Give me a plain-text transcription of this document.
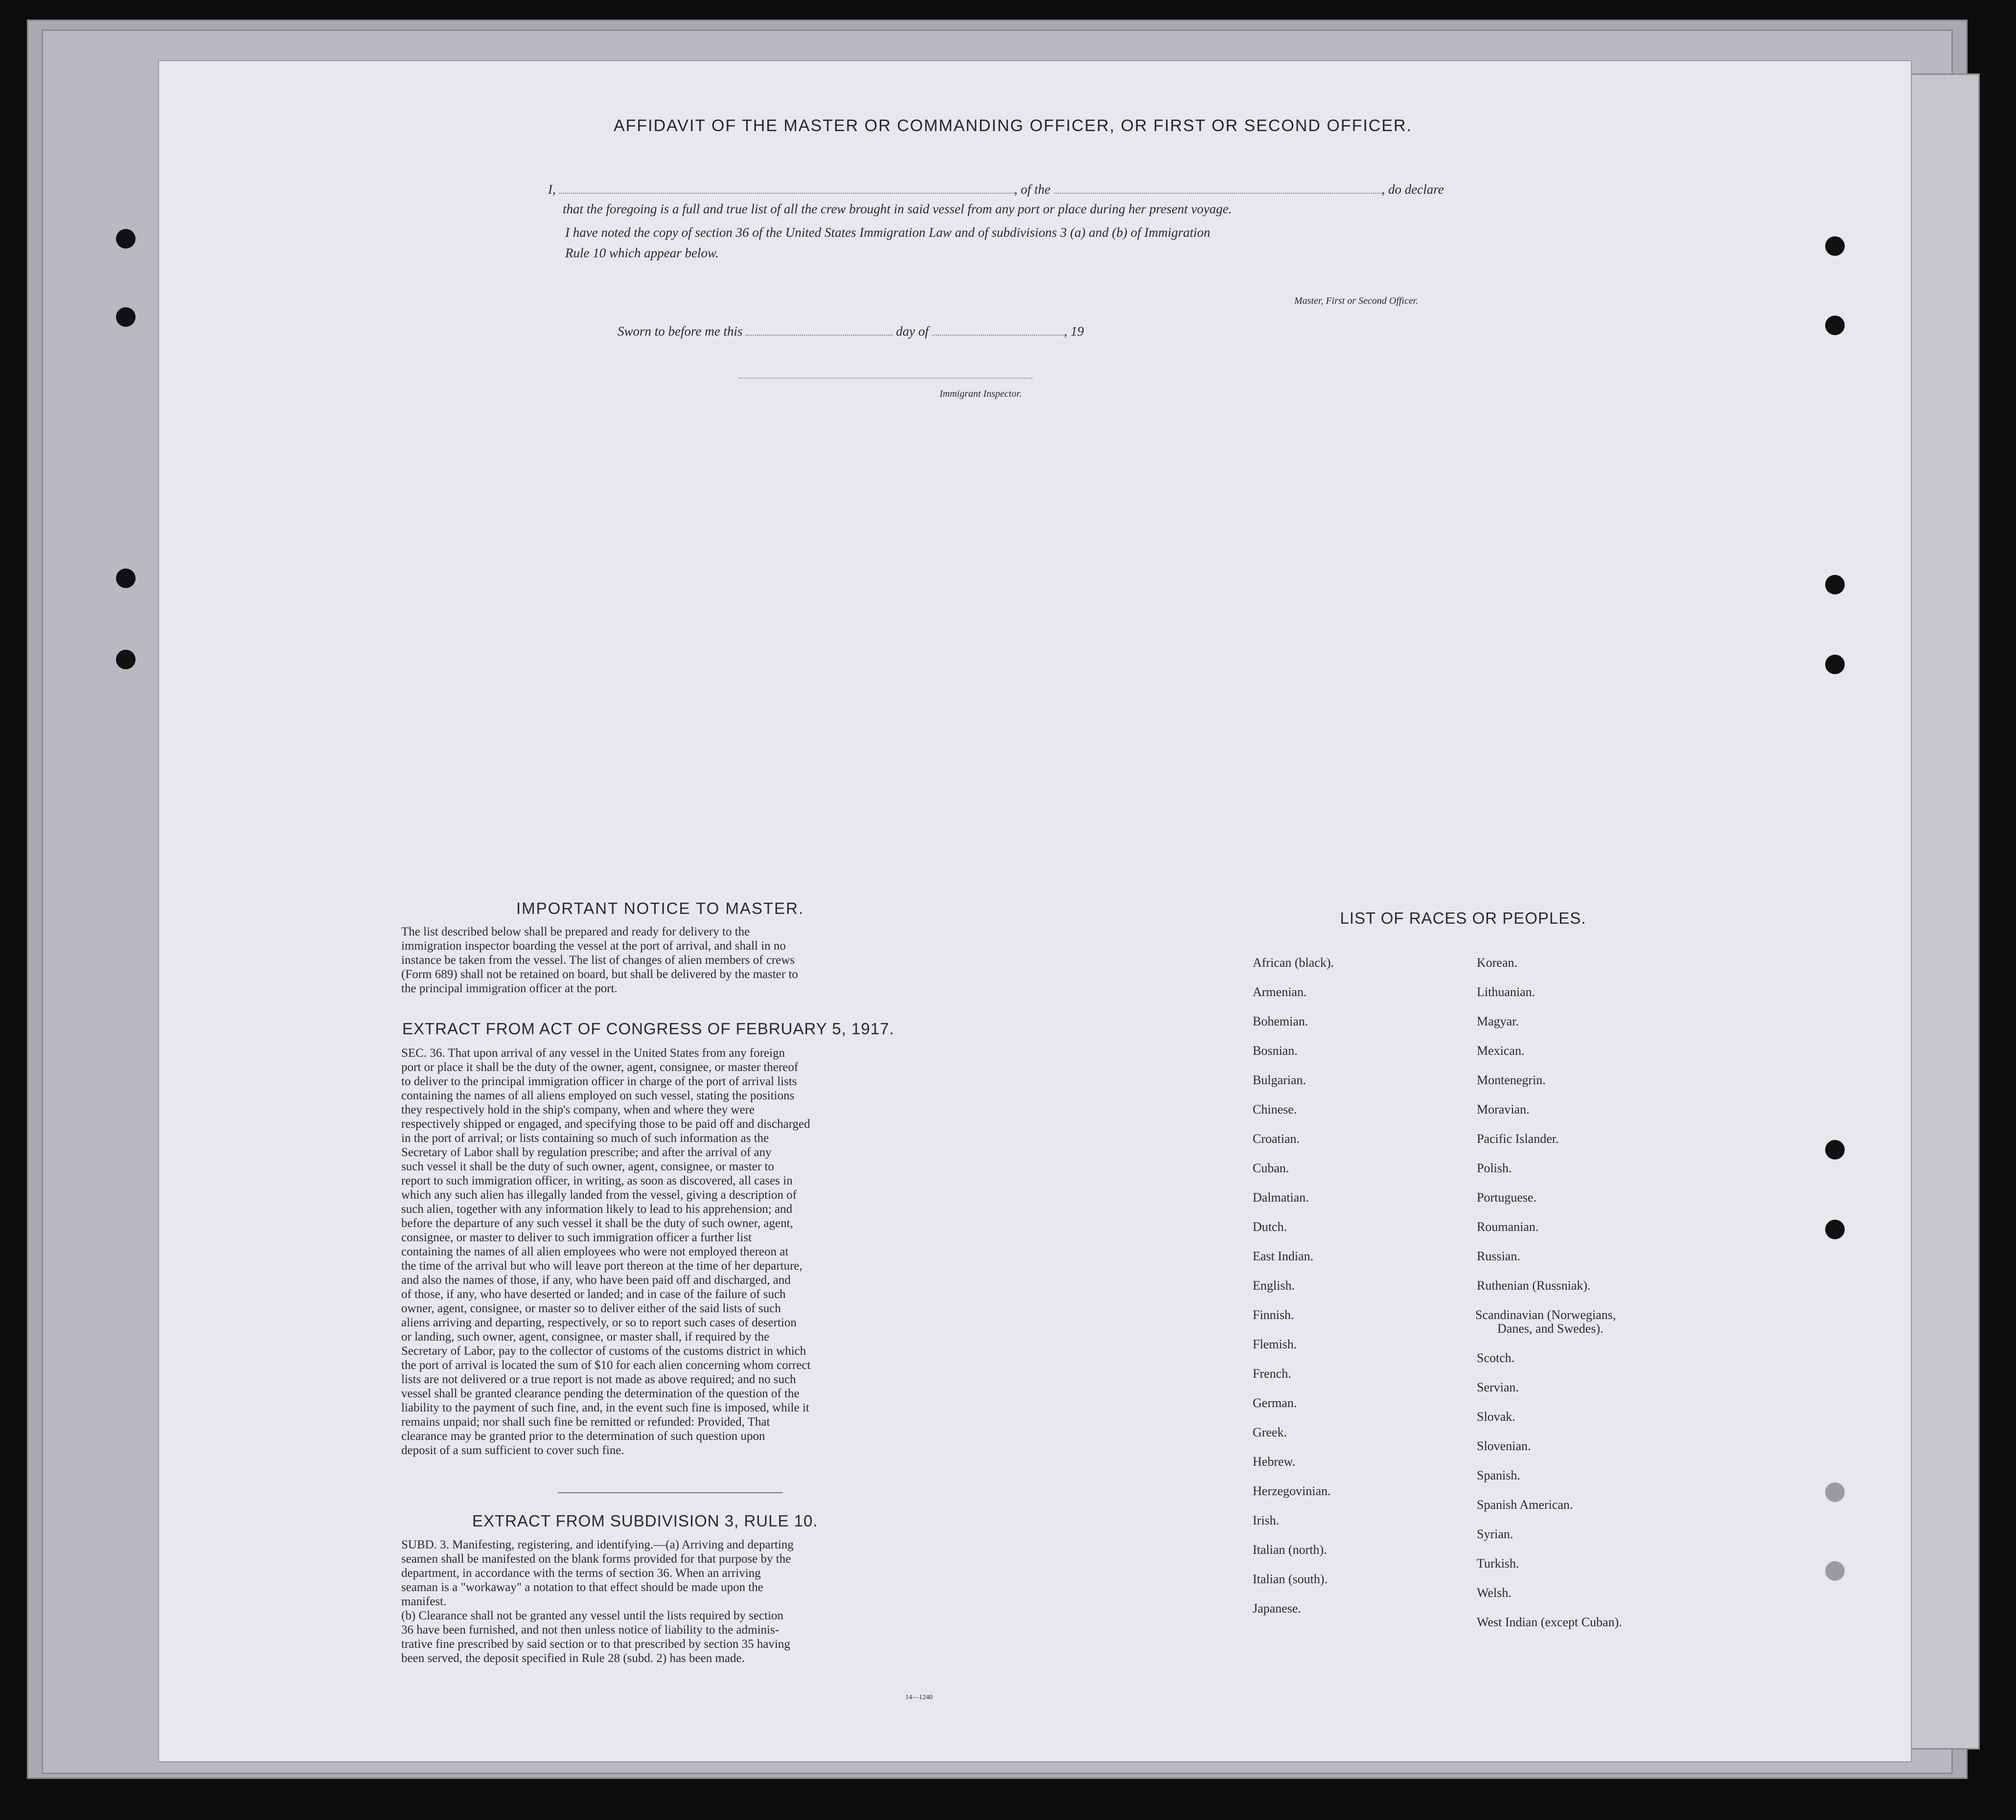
AFFIDAVIT OF THE MASTER OR COMMANDING OFFICER, OR FIRST OR SECOND OFFICER.
I,	, of the	, do declare
that the foregoing is a full and true list of all the crew brought in said vessel from any port or place during her present voyage.
I have noted the copy of section 36 of the United States Immigration Law and of subdivisions 3 (a) and (b) of Immigration
Rule 10 which appear below.
Master, First or Second Officer.
Sworn to before me this	day of	, 19
Immigrant Inspector.
IMPORTANT NOTICE TO MASTER.
The list described below shall be prepared and ready for delivery to the
immigration inspector boarding the vessel at the port of arrival, and shall in no
instance be taken from the vessel. The list of changes of alien members of crews
(Form 689) shall not be retained on board, but shall be delivered by the master to
the principal immigration officer at the port.
EXTRACT FROM ACT OF CONGRESS OF FEBRUARY 5, 1917.
SEC. 36. That upon arrival of any vessel in the United States from any foreign
port or place it shall be the duty of the owner, agent, consignee, or master thereof
to deliver to the principal immigration officer in charge of the port of arrival lists
containing the names of all aliens employed on such vessel, stating the positions
they respectively hold in the ship's company, when and where they were
respectively shipped or engaged, and specifying those to be paid off and discharged
in the port of arrival; or lists containing so much of such information as the
Secretary of Labor shall by regulation prescribe; and after the arrival of any
such vessel it shall be the duty of such owner, agent, consignee, or master to
report to such immigration officer, in writing, as soon as discovered, all cases in
which any such alien has illegally landed from the vessel, giving a description of
such alien, together with any information likely to lead to his apprehension; and
before the departure of any such vessel it shall be the duty of such owner, agent,
consignee, or master to deliver to such immigration officer a further list
containing the names of all alien employees who were not employed thereon at
the time of the arrival but who will leave port thereon at the time of her departure,
and also the names of those, if any, who have been paid off and discharged, and
of those, if any, who have deserted or landed; and in case of the failure of such
owner, agent, consignee, or master so to deliver either of the said lists of such
aliens arriving and departing, respectively, or so to report such cases of desertion
or landing, such owner, agent, consignee, or master shall, if required by the
Secretary of Labor, pay to the collector of customs of the customs district in which
the port of arrival is located the sum of $10 for each alien concerning whom correct
lists are not delivered or a true report is not made as above required; and no such
vessel shall be granted clearance pending the determination of the question of the
liability to the payment of such fine, and, in the event such fine is imposed, while it
remains unpaid; nor shall such fine be remitted or refunded: Provided, That
clearance may be granted prior to the determination of such question upon
deposit of a sum sufficient to cover such fine.
EXTRACT FROM SUBDIVISION 3, RULE 10.
SUBD. 3. Manifesting, registering, and identifying.—(a) Arriving and departing
seamen shall be manifested on the blank forms provided for that purpose by the
department, in accordance with the terms of section 36. When an arriving
seaman is a "workaway" a notation to that effect should be made upon the
manifest.
(b) Clearance shall not be granted any vessel until the lists required by section
36 have been furnished, and not then unless notice of liability to the adminis-
trative fine prescribed by said section or to that prescribed by section 35 having
been served, the deposit specified in Rule 28 (subd. 2) has been made.
14—1240
LIST OF RACES OR PEOPLES.
African (black).
Armenian.
Bohemian.
Bosnian.
Bulgarian.
Chinese.
Croatian.
Cuban.
Dalmatian.
Dutch.
East Indian.
English.
Finnish.
Flemish.
French.
German.
Greek.
Hebrew.
Herzegovinian.
Irish.
Italian (north).
Italian (south).
Japanese.
Korean.
Lithuanian.
Magyar.
Mexican.
Montenegrin.
Moravian.
Pacific Islander.
Polish.
Portuguese.
Roumanian.
Russian.
Ruthenian (Russniak).
Scandinavian (Norwegians,
Danes, and Swedes).
Scotch.
Servian.
Slovak.
Slovenian.
Spanish.
Spanish American.
Syrian.
Turkish.
Welsh.
West Indian (except Cuban).
